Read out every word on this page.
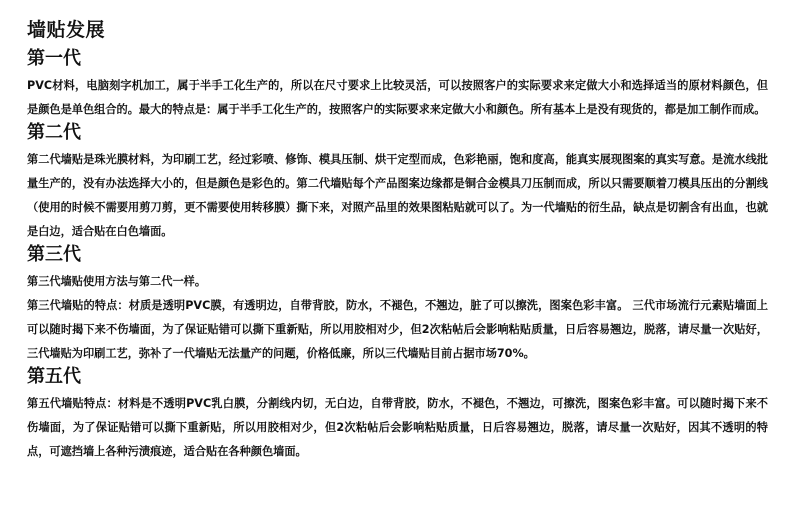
墙贴发展
第一代

PVC材料，电脑刻字机加工，属于半手工化生产的，所以在尺寸要求上比较灵活，可以按照客户的实际要求来定做大小和选择适当的原材料颜色，但是颜色是单色组合的。最大的特点是：属于半手工化生产的，按照客户的实际要求来定做大小和颜色。所有基本上是没有现货的，都是加工制作而成。

第二代

第二代墙贴是珠光膜材料，为印刷工艺，经过彩喷、修饰、模具压制、烘干定型而成，色彩艳丽，饱和度高，能真实展现图案的真实写意。是流水线批量生产的，没有办法选择大小的，但是颜色是彩色的。第二代墙贴每个产品图案边缘都是铜合金模具刀压制而成，所以只需要顺着刀模具压出的分割线（使用的时候不需要用剪刀剪，更不需要使用转移膜）撕下来，对照产品里的效果图粘贴就可以了。为一代墙贴的衍生品，缺点是切割含有出血，也就是白边，适合贴在白色墙面。

第三代

第三代墙贴使用方法与第二代一样。

第三代墙贴的特点：材质是透明PVC膜，有透明边，自带背胶，防水，不褪色，不翘边，脏了可以擦洗，图案色彩丰富。 三代市场流行元素贴墙面上可以随时揭下来不伤墙面，为了保证贴错可以撕下重新贴，所以用胶相对少，但2次粘帖后会影响粘贴质量，日后容易翘边，脱落，请尽量一次贴好，三代墙贴为印刷工艺，弥补了一代墙贴无法量产的问题，价格低廉，所以三代墙贴目前占据市场70%。

第五代

第五代墙贴特点：材料是不透明PVC乳白膜，分割线内切，无白边，自带背胶，防水，不褪色，不翘边，可擦洗，图案色彩丰富。可以随时揭下来不伤墙面，为了保证贴错可以撕下重新贴，所以用胶相对少，但2次粘帖后会影响粘贴质量，日后容易翘边，脱落，请尽量一次贴好，因其不透明的特点，可遮挡墙上各种污渍痕迹，适合贴在各种颜色墙面。
